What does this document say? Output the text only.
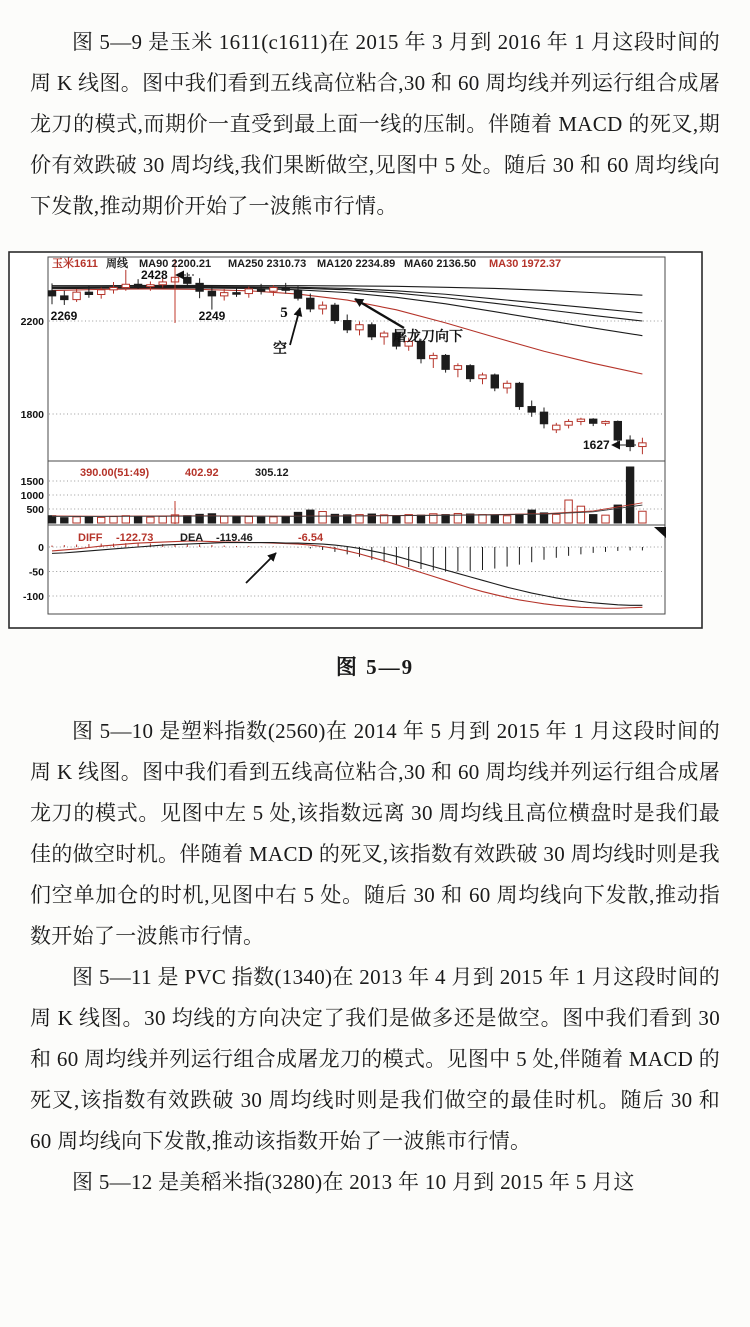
图 5—9 是玉米 1611(c1611)在 2015 年 3 月到 2016 年 1 月这段时间的周 K 线图。图中我们看到五线高位粘合,30 和 60 周均线并列运行组合成屠龙刀的模式,而期价一直受到最上面一线的压制。伴随着 MACD 的死叉,期价有效跌破 30 周均线,我们果断做空,见图中 5 处。随后 30 和 60 周均线向下发散,推动期价开始了一波熊市行情。

2200
1800
1500
1000
500
0
-50
-100
玉米1611 周线 MA90 2200.21 MA250 2310.73 MA120 2234.89 MA60 2136.50 MA30 1972.37
390.00(51:49)	402.92	305.12
DIFF -122.73 DEA -119.46	-6.54
2428
2269	2249	5
空
屠龙刀向下
1627
图 5—9

图 5—10 是塑料指数(2560)在 2014 年 5 月到 2015 年 1 月这段时间的周 K 线图。图中我们看到五线高位粘合,30 和 60 周均线并列运行组合成屠龙刀的模式。见图中左 5 处,该指数远离 30 周均线且高位横盘时是我们最佳的做空时机。伴随着 MACD 的死叉,该指数有效跌破 30 周均线时则是我们空单加仓的时机,见图中右 5 处。随后 30 和 60 周均线向下发散,推动指数开始了一波熊市行情。

图 5—11 是 PVC 指数(1340)在 2013 年 4 月到 2015 年 1 月这段时间的周 K 线图。30 均线的方向决定了我们是做多还是做空。图中我们看到 30 和 60 周均线并列运行组合成屠龙刀的模式。见图中 5 处,伴随着 MACD 的死叉,该指数有效跌破 30 周均线时则是我们做空的最佳时机。随后 30 和 60 周均线向下发散,推动该指数开始了一波熊市行情。

图 5—12 是美稻米指(3280)在 2013 年 10 月到 2015 年 5 月这
